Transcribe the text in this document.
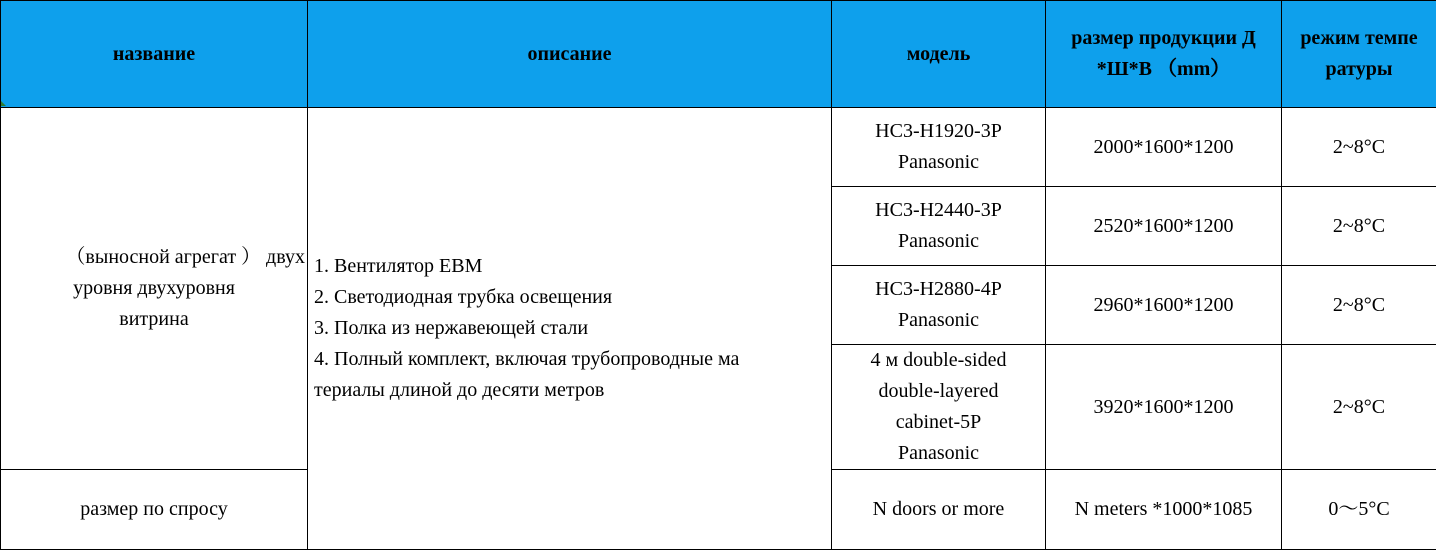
название	описание	модель	размер продукции Д
*Ш*В （mm）	режим темпе
ратуры

（выносной агрегат ） двух
уровня двухуровня
витрина	1. Вентилятор EBM
2. Светодиодная трубка освещения
3. Полка из нержавеющей стали
4. Полный комплект, включая трубопроводные ма
териалы длиной до десяти метров	HC3-H1920-3P
Panasonic	2000*1600*1200	2~8°C

		HC3-H2440-3P
Panasonic	2520*1600*1200	2~8°C

		HC3-H2880-4P
Panasonic	2960*1600*1200	2~8°C

		4 м double-sided
double-layered
cabinet-5P
Panasonic	3920*1600*1200	2~8°C
размер по спросу		N doors or more	N meters *1000*1085	0～5°C
